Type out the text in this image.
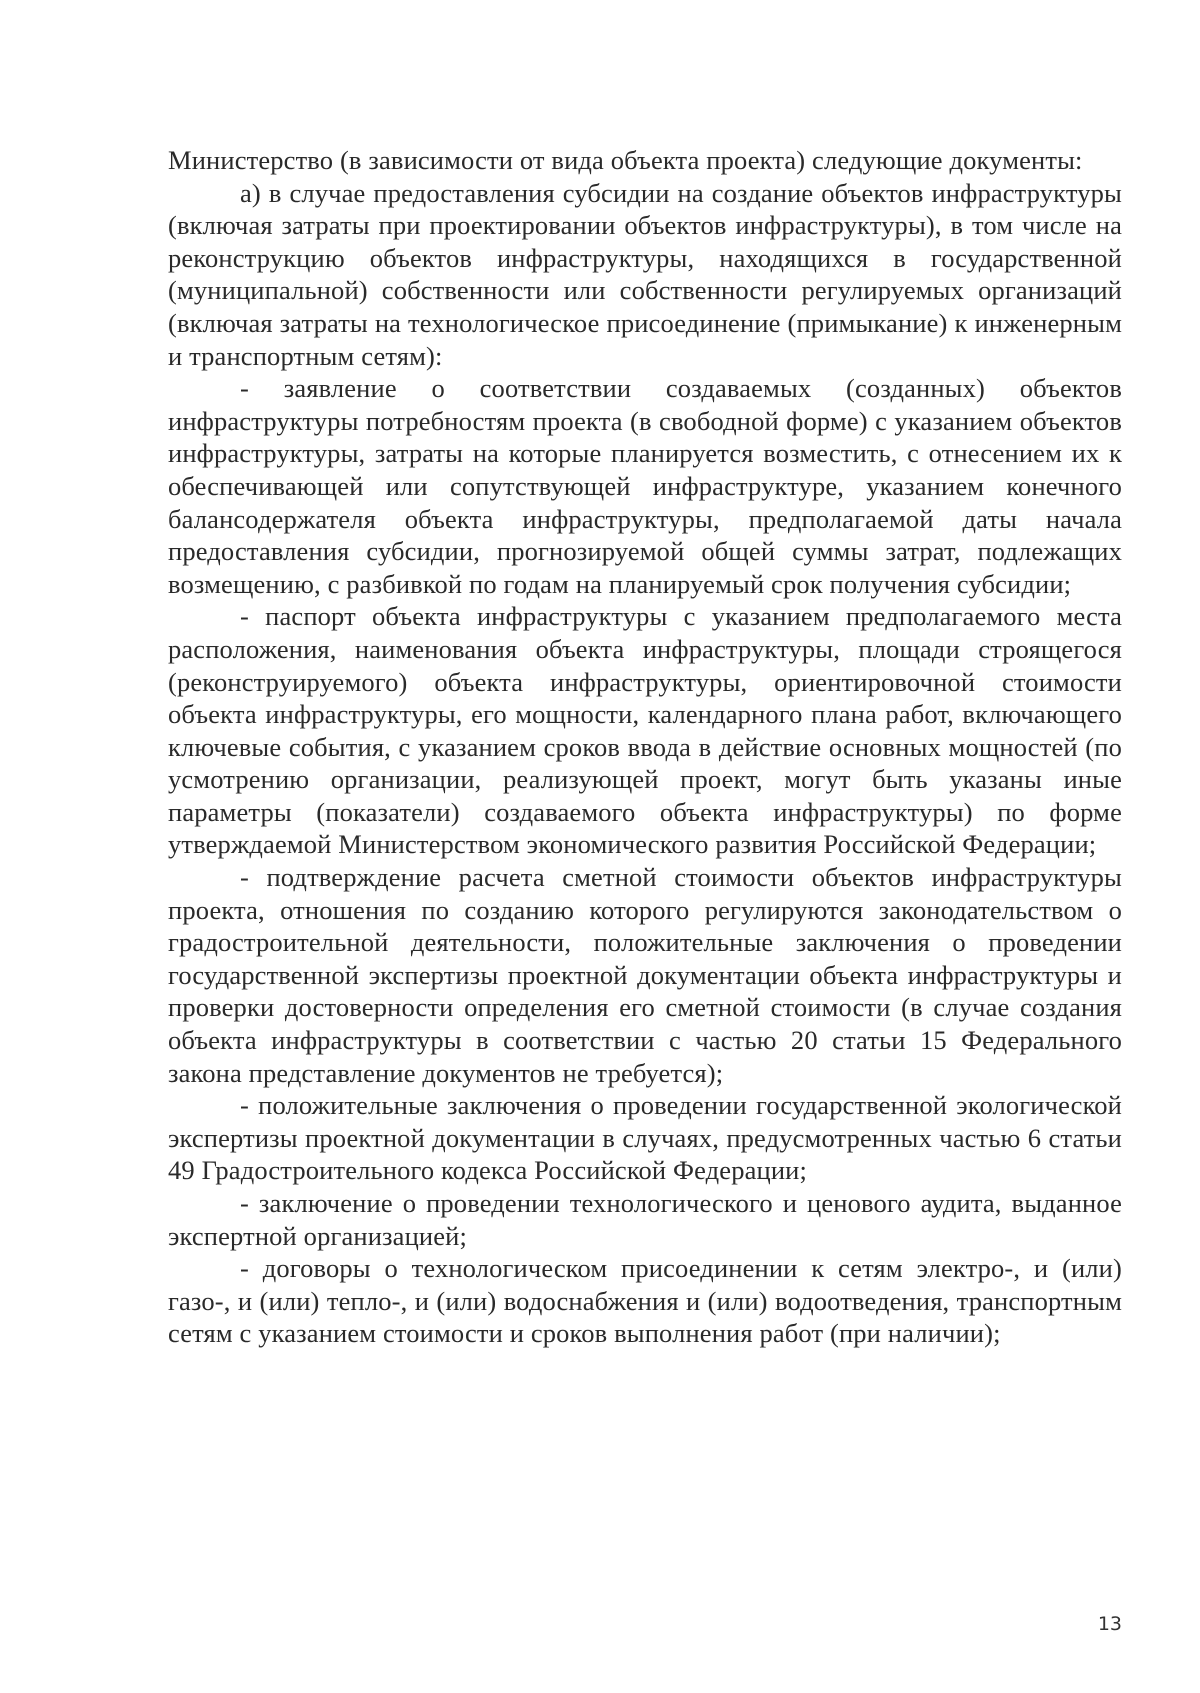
Министерство (в зависимости от вида объекта проекта) следующие документы:

а) в случае предоставления субсидии на создание объектов инфраструктуры (включая затраты при проектировании объектов инфраструктуры), в том числе на реконструкцию объектов инфраструктуры, находящихся в государственной (муниципальной) собственности или собственности регулируемых организаций (включая затраты на технологическое присоединение (примыкание) к инженерным и транспортным сетям):

- заявление о соответствии создаваемых (созданных) объектов инфраструктуры потребностям проекта (в свободной форме) с указанием объектов инфраструктуры, затраты на которые планируется возместить, с отнесением их к обеспечивающей или сопутствующей инфраструктуре, указанием конечного балансодержателя объекта инфраструктуры, предполагаемой даты начала предоставления субсидии, прогнозируемой общей суммы затрат, подлежащих возмещению, с разбивкой по годам на планируемый срок получения субсидии;

- паспорт объекта инфраструктуры с указанием предполагаемого места расположения, наименования объекта инфраструктуры, площади строящегося (реконструируемого) объекта инфраструктуры, ориентировочной стоимости объекта инфраструктуры, его мощности, календарного плана работ, включающего ключевые события, с указанием сроков ввода в действие основных мощностей (по усмотрению организации, реализующей проект, могут быть указаны иные параметры (показатели) создаваемого объекта инфраструктуры) по форме утверждаемой Министерством экономического развития Российской Федерации;

- подтверждение расчета сметной стоимости объектов инфраструктуры проекта, отношения по созданию которого регулируются законодательством о градостроительной деятельности, положительные заключения о проведении государственной экспертизы проектной документации объекта инфраструктуры и проверки достоверности определения его сметной стоимости (в случае создания объекта инфраструктуры в соответствии с частью 20 статьи 15 Федерального закона представление документов не требуется);

- положительные заключения о проведении государственной экологической экспертизы проектной документации в случаях, предусмотренных частью 6 статьи 49 Градостроительного кодекса Российской Федерации;

- заключение о проведении технологического и ценового аудита, выданное экспертной организацией;

- договоры о технологическом присоединении к сетям электро-, и (или) газо-, и (или) тепло-, и (или) водоснабжения и (или) водоотведения, транспортным сетям с указанием стоимости и сроков выполнения работ (при наличии);

13
